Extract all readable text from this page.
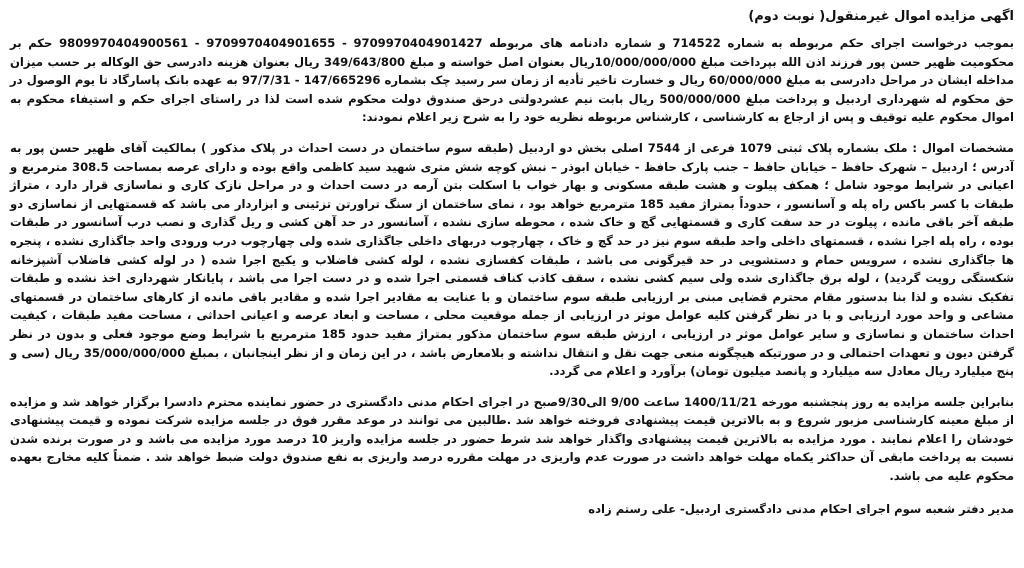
اگهی مزایده اموال غیرمنقول( نوبت دوم)

بموجب درخواست اجرای حکم مربوطه به شماره 714522 و شماره دادنامه های مربوطه 9709970404901427 - 9709970404901655 - 9809970404900561 حکم بر محکومیت ظهیر حسن پور فرزند اذن الله بپرداخت مبلغ 10/000/000/000ریال بعنوان اصل خواسته و مبلغ 349/643/800 ریال بعنوان هزینه دادرسی حق الوکاله بر حسب میزان مداخله ایشان در مراحل دادرسی به مبلغ 60/000/000 ریال و خسارت تاخیر تأدیه از زمان سر رسید چک بشماره 147/665296 - 97/7/31 به عهده بانک پاسارگاد تا یوم الوصول در حق محکوم له شهرداری اردبیل و پرداخت مبلغ 500/000/000 ریال بابت نیم عشردولتی درحق صندوق دولت محکوم شده است لذا در راستای اجرای حکم و استیفاء محکوم به اموال محکوم علیه توقیف و پس از ارجاع به کارشناسی ، کارشناس مربوطه نظریه خود را به شرح زیر اعلام نمودند:

مشخصات اموال : ملک بشماره پلاک ثبتی 1079 فرعی از 7544 اصلی بخش دو اردبیل (طبقه سوم ساختمان در دست احداث در پلاک مذکور ) بمالکیت آقای ظهیر حسن پور به آدرس ؛ اردبیل – شهرک حافظ – خیابان حافظ – جنب پارک حافظ - خیابان ابوذر – نبش کوچه شش متری شهید سید کاظمی واقع بوده و دارای عرصه بمساحت 308.5 مترمربع و اعیانی در شرایط موجود شامل ؛ همکف پیلوت و هشت طبقه مسکونی و بهار خواب با اسکلت بتن آرمه در دست احداث و در مراحل نازک کاری و نماسازی قرار دارد ، متراژ طبقات با کسر باکس راه پله و آسانسور ، حدوداً بمتراژ مفید 185 مترمربع خواهد بود ، نمای ساختمان از سنگ تراورتن تزئینی و ابزاردار می باشد که قسمتهایی از نماسازی دو طبقه آخر باقی مانده ، پیلوت در حد سفت کاری و قسمتهایی گچ و خاک شده ، محوطه سازی نشده ، آسانسور در حد آهن کشی و ریل گذاری و نصب درب آسانسور در طبقات بوده ، راه پله اجرا نشده ، قسمتهای داخلی واحد طبقه سوم نیز در حد گچ و خاک ، چهارچوب دربهای داخلی جاگذاری شده ولی چهارچوب درب ورودی واحد جاگذاری نشده ، پنجره ها جاگذاری نشده ، سرویس حمام و دستشویی در حد قیرگونی می باشد ، طبقات کفسازی نشده ، لوله کشی فاضلاب و یکیج اجرا شده ( در لوله کشی فاضلاب آشپزخانه شکستگی رویت گردید) ، لوله برق جاگذاری شده ولی سیم کشی نشده ، سقف کاذب کناف قسمتی اجرا شده و در دست اجرا می باشد ، پایانکار شهرداری اخذ نشده و طبقات تفکیک نشده و لذا بنا بدستور مقام محترم قضایی مبنی بر ارزیابی طبقه سوم ساختمان و با عنایت به مقادیر اجرا شده و مقادیر باقی مانده از کارهای ساختمان در قسمتهای مشاعی و واحد مورد ارزیابی و با در نظر گرفتن کلیه عوامل موثر در ارزیابی از جمله موقعیت محلی ، مساحت و ابعاد عرصه و اعیانی احداثی ، مساحت مفید طبقات ، کیفیت احداث ساختمان و نماسازی و سایر عوامل موثر در ارزیابی ، ارزش طبقه سوم ساختمان مذکور بمتراژ مفید حدود 185 مترمربع با شرایط وضع موجود فعلی و بدون در نظر گرفتن دیون و تعهدات احتمالی و در صورتیکه هیچگونه منعی جهت نقل و انتقال نداشته و بلامعارض باشد ، در این زمان و از نظر اینجانبان ، بمبلغ 35/000/000/000 ریال (سی و پنج میلیارد ریال معادل سه میلیارد و پانصد میلیون تومان) برآورد و اعلام می گردد.

بنابراین جلسه مزایده به روز پنجشنبه مورخه 1400/11/21 ساعت 9/00 الی9/30صبح در اجرای احکام مدنی دادگستری در حضور نماینده محترم دادسرا برگزار خواهد شد و مزایده از مبلغ معینه کارشناسی مزبور شروع و به بالاترین قیمت پیشنهادی فروخته خواهد شد .طالبین می توانند در موعد مقرر فوق در جلسه مزایده شرکت نموده و قیمت پیشنهادی خودشان را اعلام نمایند . مورد مزایده به بالاترین قیمت پیشنهادی واگذار خواهد شد شرط حضور در جلسه مزایده واریز 10 درصد مورد مزایده می باشد و در صورت برنده شدن نسبت به پرداخت مابقی آن حداکثر یکماه مهلت خواهد داشت در صورت عدم واریزی در مهلت مقرره درصد واریزی به نفع صندوق دولت ضبط خواهد شد . ضمناً کلیه مخارج بعهده محکوم علیه می باشد.

مدیر دفتر شعبه سوم اجرای احکام مدنی دادگستری اردبیل- علی رستم زاده
